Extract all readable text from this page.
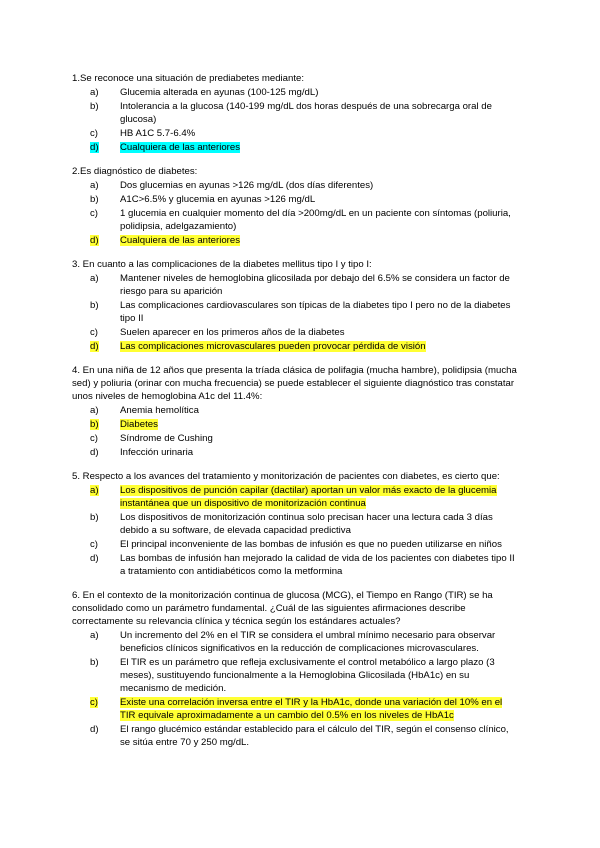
1.Se reconoce una situación de prediabetes mediante:

a)	Glucemia alterada en ayunas (100-125 mg/dL)
b)	Intolerancia a la glucosa (140-199 mg/dL dos horas después de una sobrecarga oral de glucosa)
c)	HB A1C 5.7-6.4%
d)	Cualquiera de las anteriores

2.Es diagnóstico de diabetes:

a)	Dos glucemias en ayunas >126 mg/dL (dos días diferentes)
b)	A1C>6.5% y glucemia en ayunas >126 mg/dL
c)	1 glucemia en cualquier momento del día >200mg/dL en un paciente con síntomas (poliuria, polidipsia, adelgazamiento)
d)	Cualquiera de las anteriores

3. En cuanto a las complicaciones de la diabetes mellitus tipo I y tipo I:

a)	Mantener niveles de hemoglobina glicosilada por debajo del 6.5% se considera un factor de riesgo para su aparición
b)	Las complicaciones cardiovasculares son típicas de la diabetes tipo I pero no de la diabetes tipo II
c)	Suelen aparecer en los primeros años de la diabetes
d)	Las complicaciones microvasculares pueden provocar pérdida de visión

4. En una niña de 12 años que presenta la tríada clásica de polifagia (mucha hambre), polidipsia (mucha sed) y poliuria (orinar con mucha frecuencia) se puede establecer el siguiente diagnóstico tras constatar unos niveles de hemoglobina A1c del 11.4%:

a)	Anemia hemolítica
b)	Diabetes
c)	Síndrome de Cushing
d)	Infección urinaria

5. Respecto a los avances del tratamiento y monitorización de pacientes con diabetes, es cierto que:

a)	Los dispositivos de punción capilar (dactilar) aportan un valor más exacto de la glucemia instantánea que un dispositivo de monitorización continua
b)	Los dispositivos de monitorización continua solo precisan hacer una lectura cada 3 días debido a su software, de elevada capacidad predictiva
c)	El principal inconveniente de las bombas de infusión es que no pueden utilizarse en niños
d)	Las bombas de infusión han mejorado la calidad de vida de los pacientes con diabetes tipo II a tratamiento con antidiabéticos como la metformina

6. En el contexto de la monitorización continua de glucosa (MCG), el Tiempo en Rango (TIR) se ha consolidado como un parámetro fundamental. ¿Cuál de las siguientes afirmaciones describe correctamente su relevancia clínica y técnica según los estándares actuales?

a)	Un incremento del 2% en el TIR se considera el umbral mínimo necesario para observar beneficios clínicos significativos en la reducción de complicaciones microvasculares.
b)	El TIR es un parámetro que refleja exclusivamente el control metabólico a largo plazo (3 meses), sustituyendo funcionalmente a la Hemoglobina Glicosilada (HbA1c) en su mecanismo de medición.
c)	Existe una correlación inversa entre el TIR y la HbA1c, donde una variación del 10% en el TIR equivale aproximadamente a un cambio del 0.5% en los niveles de HbA1c
d)	El rango glucémico estándar establecido para el cálculo del TIR, según el consenso clínico, se sitúa entre 70 y 250 mg/dL.
